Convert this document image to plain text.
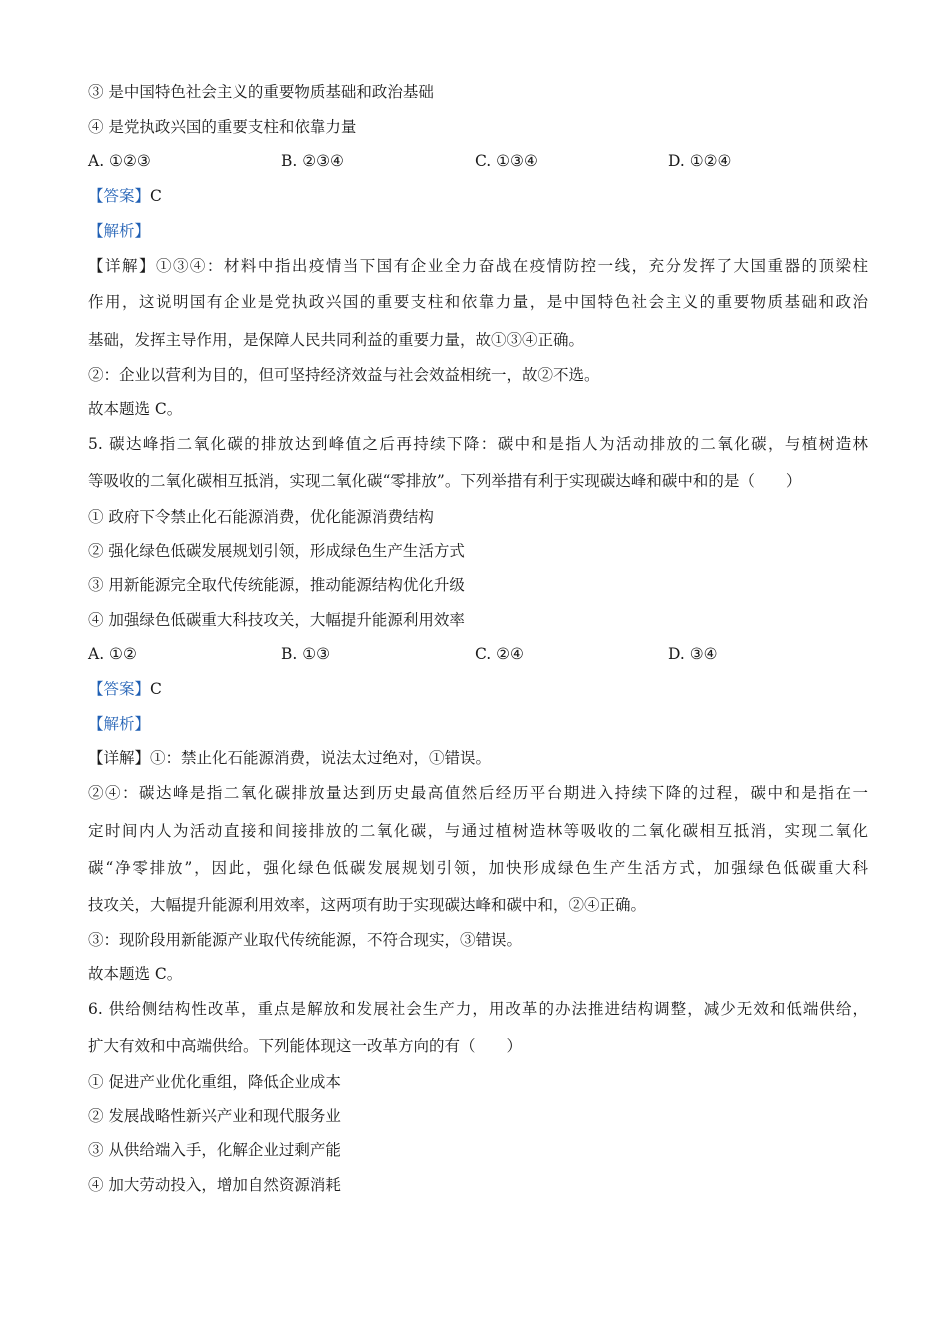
③ 是中国特色社会主义的重要物质基础和政治基础
④ 是党执政兴国的重要支柱和依靠力量
A. ①②③	B. ②③④	C. ①③④	D. ①②④
【答案】C
【解析】
【详解】①③④：材料中指出疫情当下国有企业全力奋战在疫情防控一线，充分发挥了大国重器的顶梁柱
作用，这说明国有企业是党执政兴国的重要支柱和依靠力量，是中国特色社会主义的重要物质基础和政治
基础，发挥主导作用，是保障人民共同利益的重要力量，故①③④正确。
②：企业以营利为目的，但可坚持经济效益与社会效益相统一，故②不选。
故本题选 C。
5. 碳达峰指二氧化碳的排放达到峰值之后再持续下降：碳中和是指人为活动排放的二氧化碳，与植树造林
等吸收的二氧化碳相互抵消，实现二氧化碳“零排放”。下列举措有利于实现碳达峰和碳中和的是（　　）
① 政府下令禁止化石能源消费，优化能源消费结构
② 强化绿色低碳发展规划引领，形成绿色生产生活方式
③ 用新能源完全取代传统能源，推动能源结构优化升级
④ 加强绿色低碳重大科技攻关，大幅提升能源利用效率
A. ①②	B. ①③	C. ②④	D. ③④
【答案】C
【解析】
【详解】①：禁止化石能源消费，说法太过绝对，①错误。
②④：碳达峰是指二氧化碳排放量达到历史最高值然后经历平台期进入持续下降的过程，碳中和是指在一
定时间内人为活动直接和间接排放的二氧化碳，与通过植树造林等吸收的二氧化碳相互抵消，实现二氧化
碳“净零排放”，因此，强化绿色低碳发展规划引领，加快形成绿色生产生活方式，加强绿色低碳重大科
技攻关，大幅提升能源利用效率，这两项有助于实现碳达峰和碳中和，②④正确。
③：现阶段用新能源产业取代传统能源，不符合现实，③错误。
故本题选 C。
6. 供给侧结构性改革，重点是解放和发展社会生产力，用改革的办法推进结构调整，减少无效和低端供给，
扩大有效和中高端供给。下列能体现这一改革方向的有（　　）
① 促进产业优化重组，降低企业成本
② 发展战略性新兴产业和现代服务业
③ 从供给端入手，化解企业过剩产能
④ 加大劳动投入，增加自然资源消耗
